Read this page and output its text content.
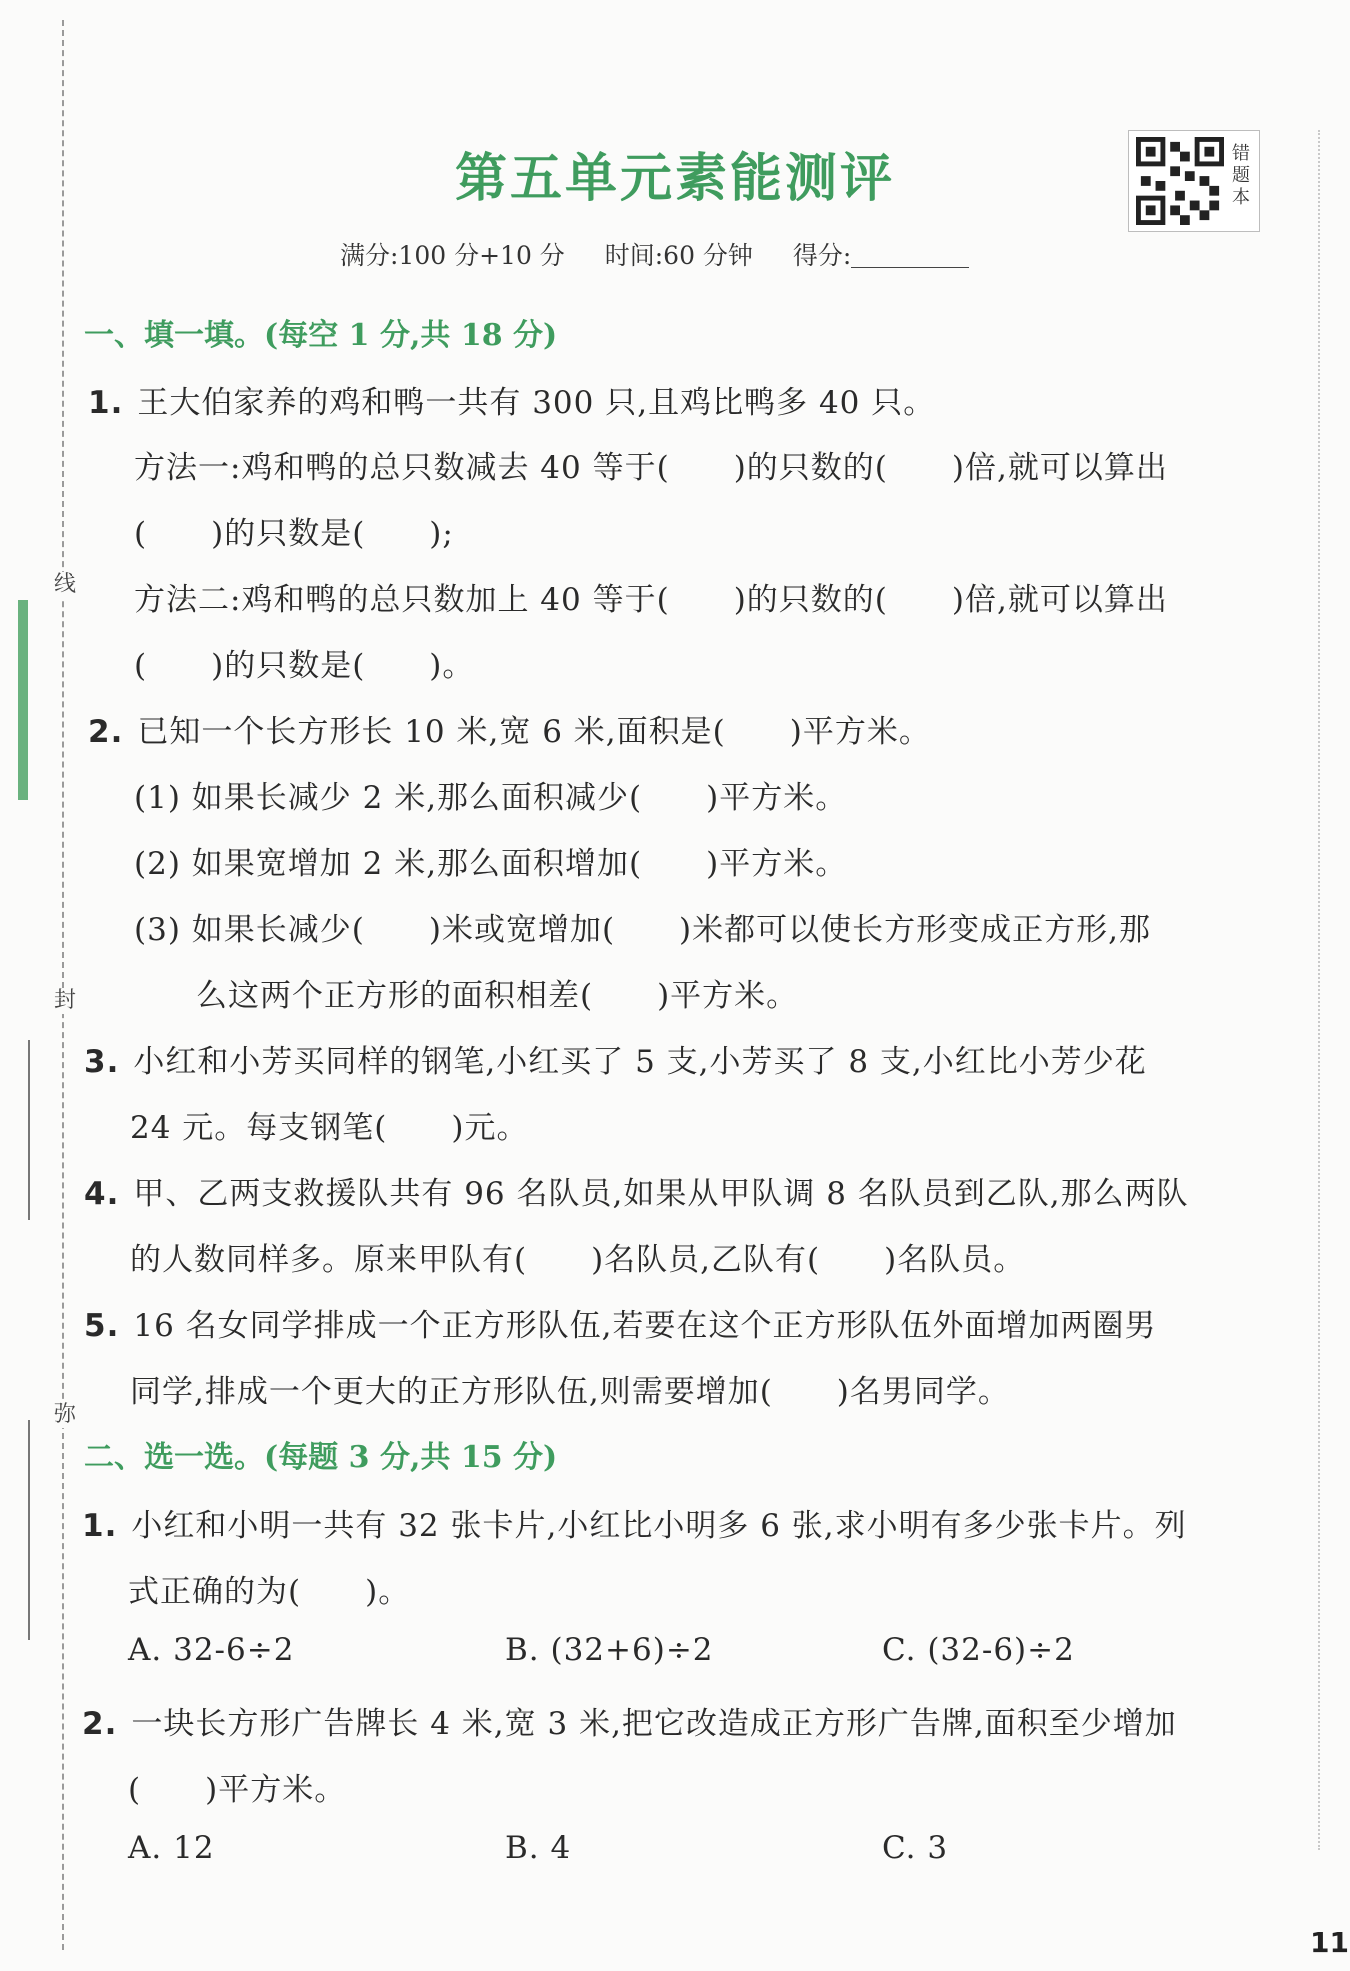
线
封
弥
第五单元素能测评	错题本
满分:100 分+10 分 时间:60 分钟 得分:
一、填一填。(每空 1 分,共 18 分)
1. 王大伯家养的鸡和鸭一共有 300 只,且鸡比鸭多 40 只。
方法一:鸡和鸭的总只数减去 40 等于(　　)的只数的(　　)倍,就可以算出
(　　)的只数是(　　);
方法二:鸡和鸭的总只数加上 40 等于(　　)的只数的(　　)倍,就可以算出
(　　)的只数是(　　)。
2. 已知一个长方形长 10 米,宽 6 米,面积是(　　)平方米。
(1) 如果长减少 2 米,那么面积减少(　　)平方米。
(2) 如果宽增加 2 米,那么面积增加(　　)平方米。
(3) 如果长减少(　　)米或宽增加(　　)米都可以使长方形变成正方形,那
么这两个正方形的面积相差(　　)平方米。
3. 小红和小芳买同样的钢笔,小红买了 5 支,小芳买了 8 支,小红比小芳少花
24 元。每支钢笔(　　)元。
4. 甲、乙两支救援队共有 96 名队员,如果从甲队调 8 名队员到乙队,那么两队
的人数同样多。原来甲队有(　　)名队员,乙队有(　　)名队员。
5. 16 名女同学排成一个正方形队伍,若要在这个正方形队伍外面增加两圈男
同学,排成一个更大的正方形队伍,则需要增加(　　)名男同学。
二、选一选。(每题 3 分,共 15 分)
1. 小红和小明一共有 32 张卡片,小红比小明多 6 张,求小明有多少张卡片。列
式正确的为(　　)。
A. 32-6÷2	B. (32+6)÷2	C. (32-6)÷2
2. 一块长方形广告牌长 4 米,宽 3 米,把它改造成正方形广告牌,面积至少增加
(　　)平方米。
A. 12	B. 4	C. 3
11
